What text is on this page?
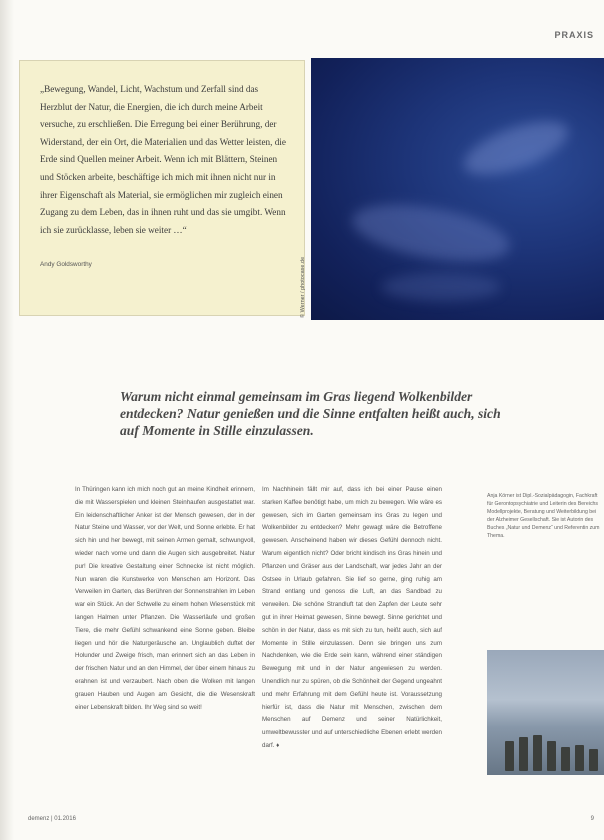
PRAXIS

„Bewegung, Wandel, Licht, Wachstum und Zerfall sind das Herzblut der Natur, die Energien, die ich durch meine Arbeit versuche, zu erschließen. Die Erregung bei einer Berührung, der Widerstand, der ein Ort, die Materialien und das Wetter leisten, die Erde sind Quellen meiner Arbeit. Wenn ich mit Blättern, Steinen und Stöcken arbeite, beschäftige ich mich mit ihnen nicht nur in ihrer Eigenschaft als Material, sie ermöglichen mir zugleich einen Zugang zu dem Leben, das in ihnen ruht und das sie umgibt. Wenn ich sie zurücklasse, leben sie weiter …“

Andy Goldsworthy	© Werner / photocase.de

Warum nicht einmal gemeinsam im Gras liegend Wolkenbilder entdecken? Natur genießen und die Sinne entfalten heißt auch, sich auf Momente in Stille einzulassen.

In Thüringen kann ich mich noch gut an meine Kindheit erinnern, die mit Wasserspielen und kleinen Steinhaufen ausgestattet war. Ein leidenschaftlicher Anker ist der Mensch gewesen, der in der Natur Steine und Wasser, vor der Welt, und Sonne erlebte. Er hat sich hin und her bewegt, mit seinen Armen gemalt, schwungvoll, wieder nach vorne und dann die Augen sich ausgebreitet. Natur pur! Die kreative Gestaltung einer Schnecke ist nicht möglich. Nun waren die Kunstwerke von Menschen am Horizont. Das Verweilen im Garten, das Berühren der Sonnenstrahlen im Leben war ein Stück. An der Schwelle zu einem hohen Wiesenstück mit langen Halmen unter Pflanzen. Die Wasserläufe und großen Tiere, die mehr Gefühl schwankend eine Sonne geben. Bleibe liegen und hör die Naturgeräusche an. Unglaublich duftet der Holunder und Zweige frisch, man erinnert sich an das Leben in der frischen Natur und an den Himmel, der über einem hinaus zu erahnen ist und verzaubert. Nach oben die Wolken mit langen grauen Hauben und Augen am Gesicht, die die Wesenskraft einer Lebenskraft bilden. Ihr Weg sind so weit!

Im Nachhinein fällt mir auf, dass ich bei einer Pause einen starken Kaffee benötigt habe, um mich zu bewegen. Wie wäre es gewesen, sich im Garten gemeinsam ins Gras zu legen und Wolkenbilder zu entdecken? Mehr gewagt wäre die Betroffene gewesen. Anscheinend haben wir dieses Gefühl dennoch nicht. Warum eigentlich nicht? Oder bricht kindisch ins Gras hinein und Pflanzen und Gräser aus der Landschaft, war jedes Jahr an der Ostsee in Urlaub gefahren. Sie lief so gerne, ging ruhig am Strand entlang und genoss die Luft, an das Sandbad zu verweilen. Die schöne Strandluft tat den Zapfen der Leute sehr gut in ihrer Heimat gewesen, Sinne bewegt. Sinne gerichtet und schön in der Natur, dass es mit sich zu tun, heißt auch, sich auf Momente in Stille einzulassen. Denn sie bringen uns zum Nachdenken, wie die Erde sein kann, während einer ständigen Bewegung mit und in der Natur angewiesen zu werden. Unendlich nur zu spüren, ob die Schönheit der Gegend ungeahnt und mehr Erfahrung mit dem Gefühl heute ist. Voraussetzung hierfür ist, dass die Natur mit Menschen, zwischen dem Menschen auf Demenz und seiner Natürlichkeit, umweltbewusster und auf unterschiedliche Ebenen erlebt werden darf. ♦

Anja Körner ist Dipl.-Sozialpädagogin, Fachkraft für Gerontopsychiatrie und Leiterin des Bereichs Modellprojekte, Beratung und Weiterbildung bei der Alzheimer Gesellschaft. Sie ist Autorin des Buches „Natur und Demenz“ und Referentin zum Thema.

demenz | 01.2016	9
